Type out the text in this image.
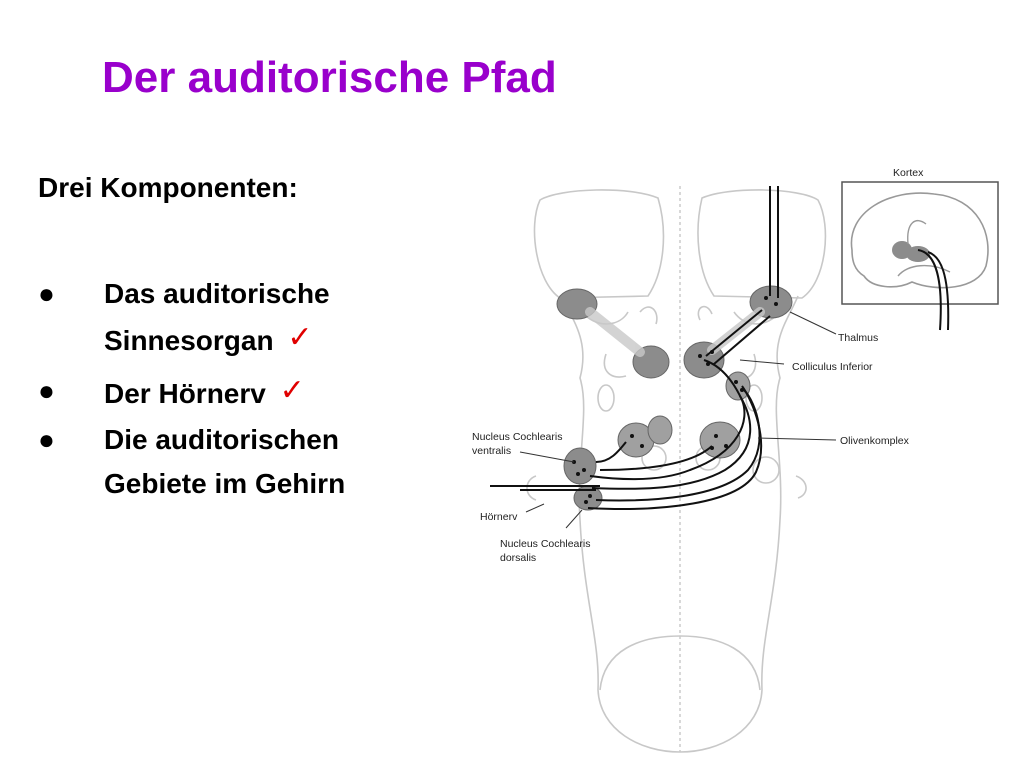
Der auditorische Pfad
Drei Komponenten:
●	Das auditorische Sinnesorgan ✓
●	Der Hörnerv ✓
●	Die auditorischen Gebiete im Gehirn
Kortex
Thalmus
Colliculus Inferior
Olivenkomplex
Nucleus Cochlearis
ventralis
Hörnerv
Nucleus Cochlearis
dorsalis
